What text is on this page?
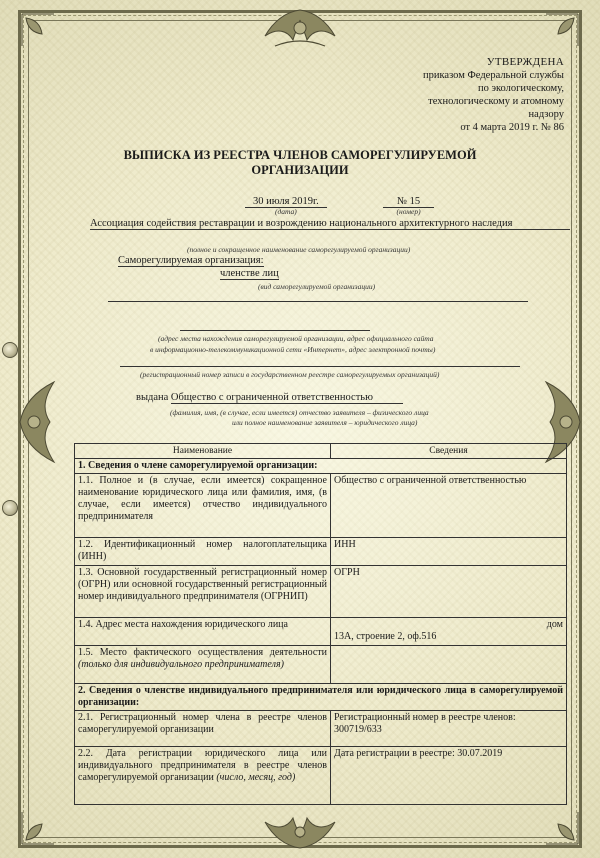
УТВЕРЖДЕНА
приказом Федеральной службы
по экологическому,
технологическому и атомному
надзору
от 4 марта 2019 г. № 86
ВЫПИСКА ИЗ РЕЕСТРА ЧЛЕНОВ САМОРЕГУЛИРУЕМОЙ
ОРГАНИЗАЦИИ
30 июля 2019г.
(дата)
№ 15
(номер)
Ассоциация содействия реставрации и возрождению национального архитектурного наследия
(полное и сокращенное наименование саморегулируемой организации)
Саморегулируемая организация:
членстве лиц
(вид саморегулируемой организации)
(адрес места нахождения саморегулируемой организации, адрес официального сайта
в информационно-телекоммуникационной сети «Интернет», адрес электронной почты)
(регистрационный номер записи в государственном реестре саморегулируемых организаций)
выдана Общество с ограниченной ответственностью
(фамилия, имя, (в случае, если имеется) отчество заявителя – физического лица
или полное наименование заявителя – юридического лица)
Наименование	Сведения
1. Сведения о члене саморегулируемой организации:	
1.1. Полное и (в случае, если имеется) сокращенное наименование юридического лица или фамилия, имя, (в случае, если имеется) отчество индивидуального предпринимателя	Общество с ограниченной ответственностью
1.2. Идентификационный номер налогоплательщика (ИНН)	ИНН
1.3. Основной государственный регистрационный номер (ОГРН) или основной государственный регистрационный номер индивидуального предпринимателя (ОГРНИП)	ОГРН
1.4. Адрес места нахождения юридического лица	дом
13А, строение 2, оф.516

1.5. Место фактического осуществления деятельности (только для индивидуального предпринимателя)	
2. Сведения о членстве индивидуального предпринимателя или юридического лица в саморегулируемой организации:	
2.1. Регистрационный номер члена в реестре членов саморегулируемой организации	Регистрационный номер в реестре членов: 300719/633
2.2. Дата регистрации юридического лица или индивидуального предпринимателя в реестре членов саморегулируемой организации (число, месяц, год)	Дата регистрации в реестре: 30.07.2019
